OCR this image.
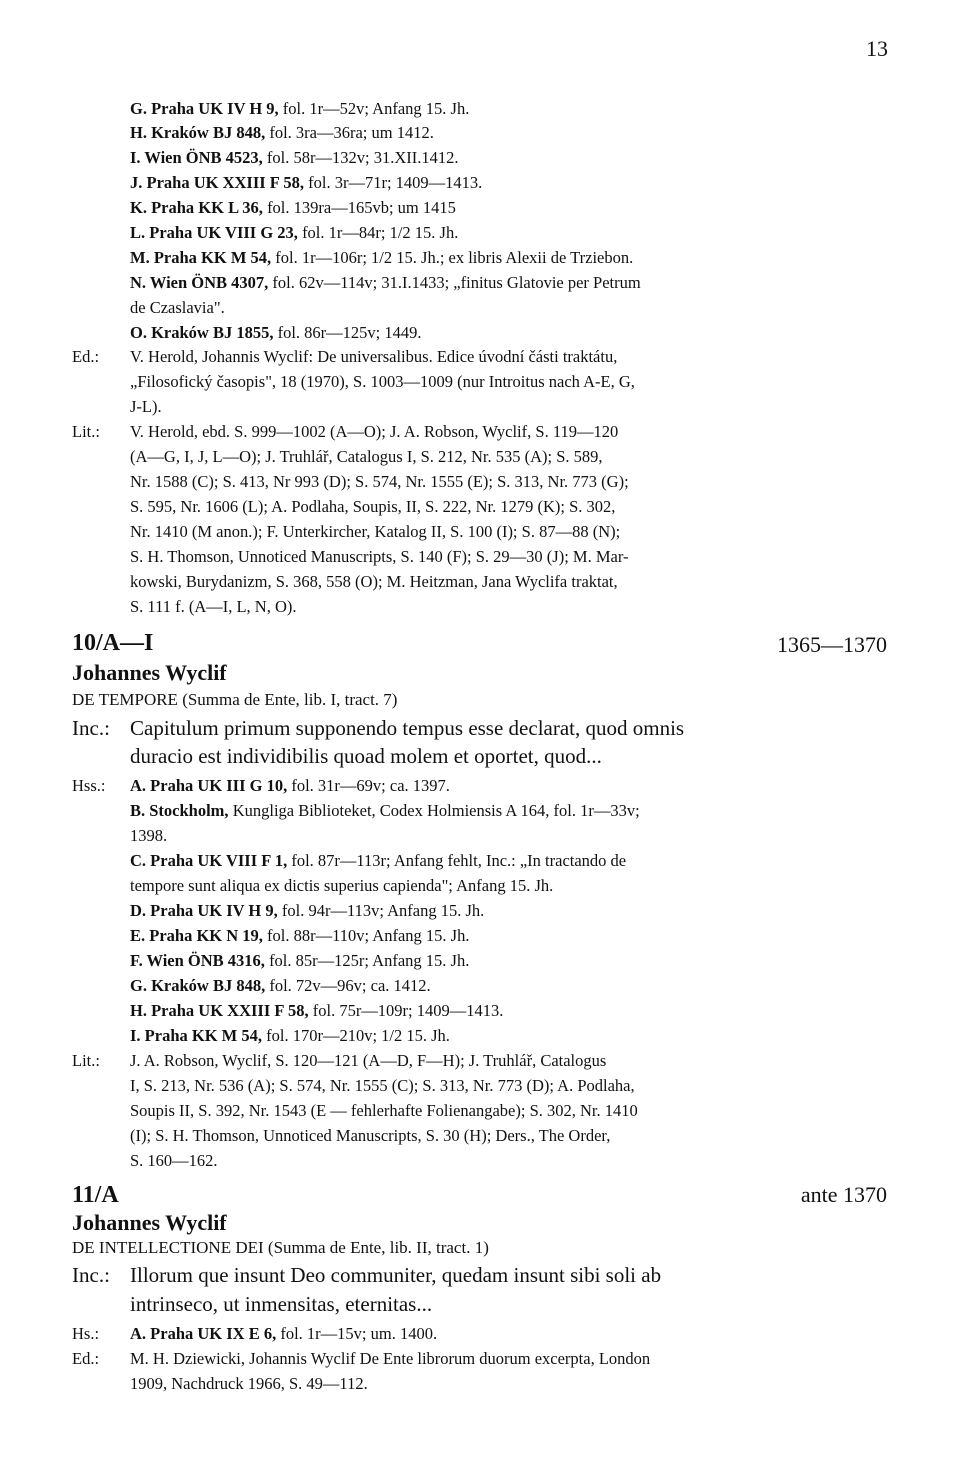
13
G. Praha UK IV H 9, fol. 1r—52v; Anfang 15. Jh.
H. Kraków BJ 848, fol. 3ra—36ra; um 1412.
I. Wien ÖNB 4523, fol. 58r—132v; 31.XII.1412.
J. Praha UK XXIII F 58, fol. 3r—71r; 1409—1413.
K. Praha KK L 36, fol. 139ra—165vb; um 1415
L. Praha UK VIII G 23, fol. 1r—84r; 1/2 15. Jh.
M. Praha KK M 54, fol. 1r—106r; 1/2 15. Jh.; ex libris Alexii de Trziebon.
N. Wien ÖNB 4307, fol. 62v—114v; 31.I.1433; „finitus Glatovie per Petrum
de Czaslavia".
O. Kraków BJ 1855, fol. 86r—125v; 1449.
Ed.: V. Herold, Johannis Wyclif: De universalibus. Edice úvodní části traktátu,
„Filosofický časopis", 18 (1970), S. 1003—1009 (nur Introitus nach A-E, G,
J-L).
Lit.: V. Herold, ebd. S. 999—1002 (A—O); J. A. Robson, Wyclif, S. 119—120
(A—G, I, J, L—O); J. Truhlář, Catalogus I, S. 212, Nr. 535 (A); S. 589,
Nr. 1588 (C); S. 413, Nr 993 (D); S. 574, Nr. 1555 (E); S. 313, Nr. 773 (G);
S. 595, Nr. 1606 (L); A. Podlaha, Soupis, II, S. 222, Nr. 1279 (K); S. 302,
Nr. 1410 (M anon.); F. Unterkircher, Katalog II, S. 100 (I); S. 87—88 (N);
S. H. Thomson, Unnoticed Manuscripts, S. 140 (F); S. 29—30 (J); M. Mar-
kowski, Burydanizm, S. 368, 558 (O); M. Heitzman, Jana Wyclifa traktat,
S. 111 f. (A—I, L, N, O).
10/A—I	1365—1370
Johannes Wyclif
DE TEMPORE (Summa de Ente, lib. I, tract. 7)
Inc.: Capitulum primum supponendo tempus esse declarat, quod omnis
duracio est individibilis quoad molem et oportet, quod...
Hss.: A. Praha UK III G 10, fol. 31r—69v; ca. 1397.
B. Stockholm, Kungliga Biblioteket, Codex Holmiensis A 164, fol. 1r—33v;
1398.
C. Praha UK VIII F 1, fol. 87r—113r; Anfang fehlt, Inc.: „In tractando de
tempore sunt aliqua ex dictis superius capienda"; Anfang 15. Jh.
D. Praha UK IV H 9, fol. 94r—113v; Anfang 15. Jh.
E. Praha KK N 19, fol. 88r—110v; Anfang 15. Jh.
F. Wien ÖNB 4316, fol. 85r—125r; Anfang 15. Jh.
G. Kraków BJ 848, fol. 72v—96v; ca. 1412.
H. Praha UK XXIII F 58, fol. 75r—109r; 1409—1413.
I. Praha KK M 54, fol. 170r—210v; 1/2 15. Jh.
Lit.: J. A. Robson, Wyclif, S. 120—121 (A—D, F—H); J. Truhlář, Catalogus
I, S. 213, Nr. 536 (A); S. 574, Nr. 1555 (C); S. 313, Nr. 773 (D); A. Podlaha,
Soupis II, S. 392, Nr. 1543 (E — fehlerhafte Folienangabe); S. 302, Nr. 1410
(I); S. H. Thomson, Unnoticed Manuscripts, S. 30 (H); Ders., The Order,
S. 160—162.
11/A	ante 1370
Johannes Wyclif
DE INTELLECTIONE DEI (Summa de Ente, lib. II, tract. 1)
Inc.: Illorum que insunt Deo communiter, quedam insunt sibi soli ab
intrinseco, ut inmensitas, eternitas...
Hs.: A. Praha UK IX E 6, fol. 1r—15v; um. 1400.
Ed.: M. H. Dziewicki, Johannis Wyclif De Ente librorum duorum excerpta, London
1909, Nachdruck 1966, S. 49—112.
